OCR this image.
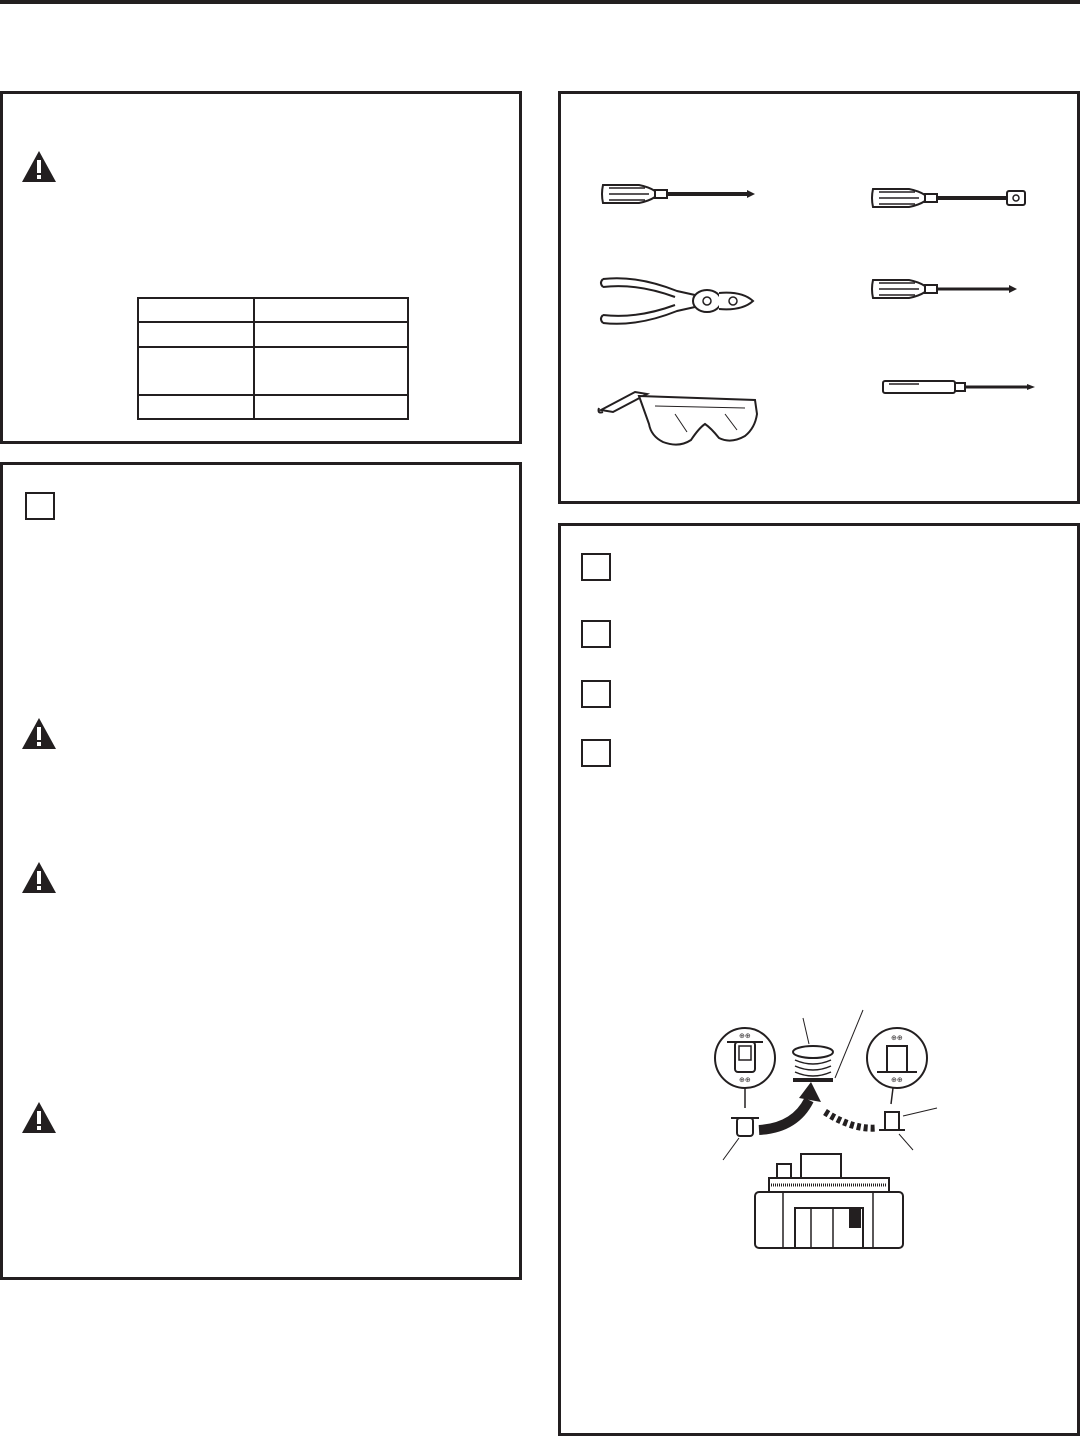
⊕⊕
⊕⊕
⊕⊕
⊕⊕
